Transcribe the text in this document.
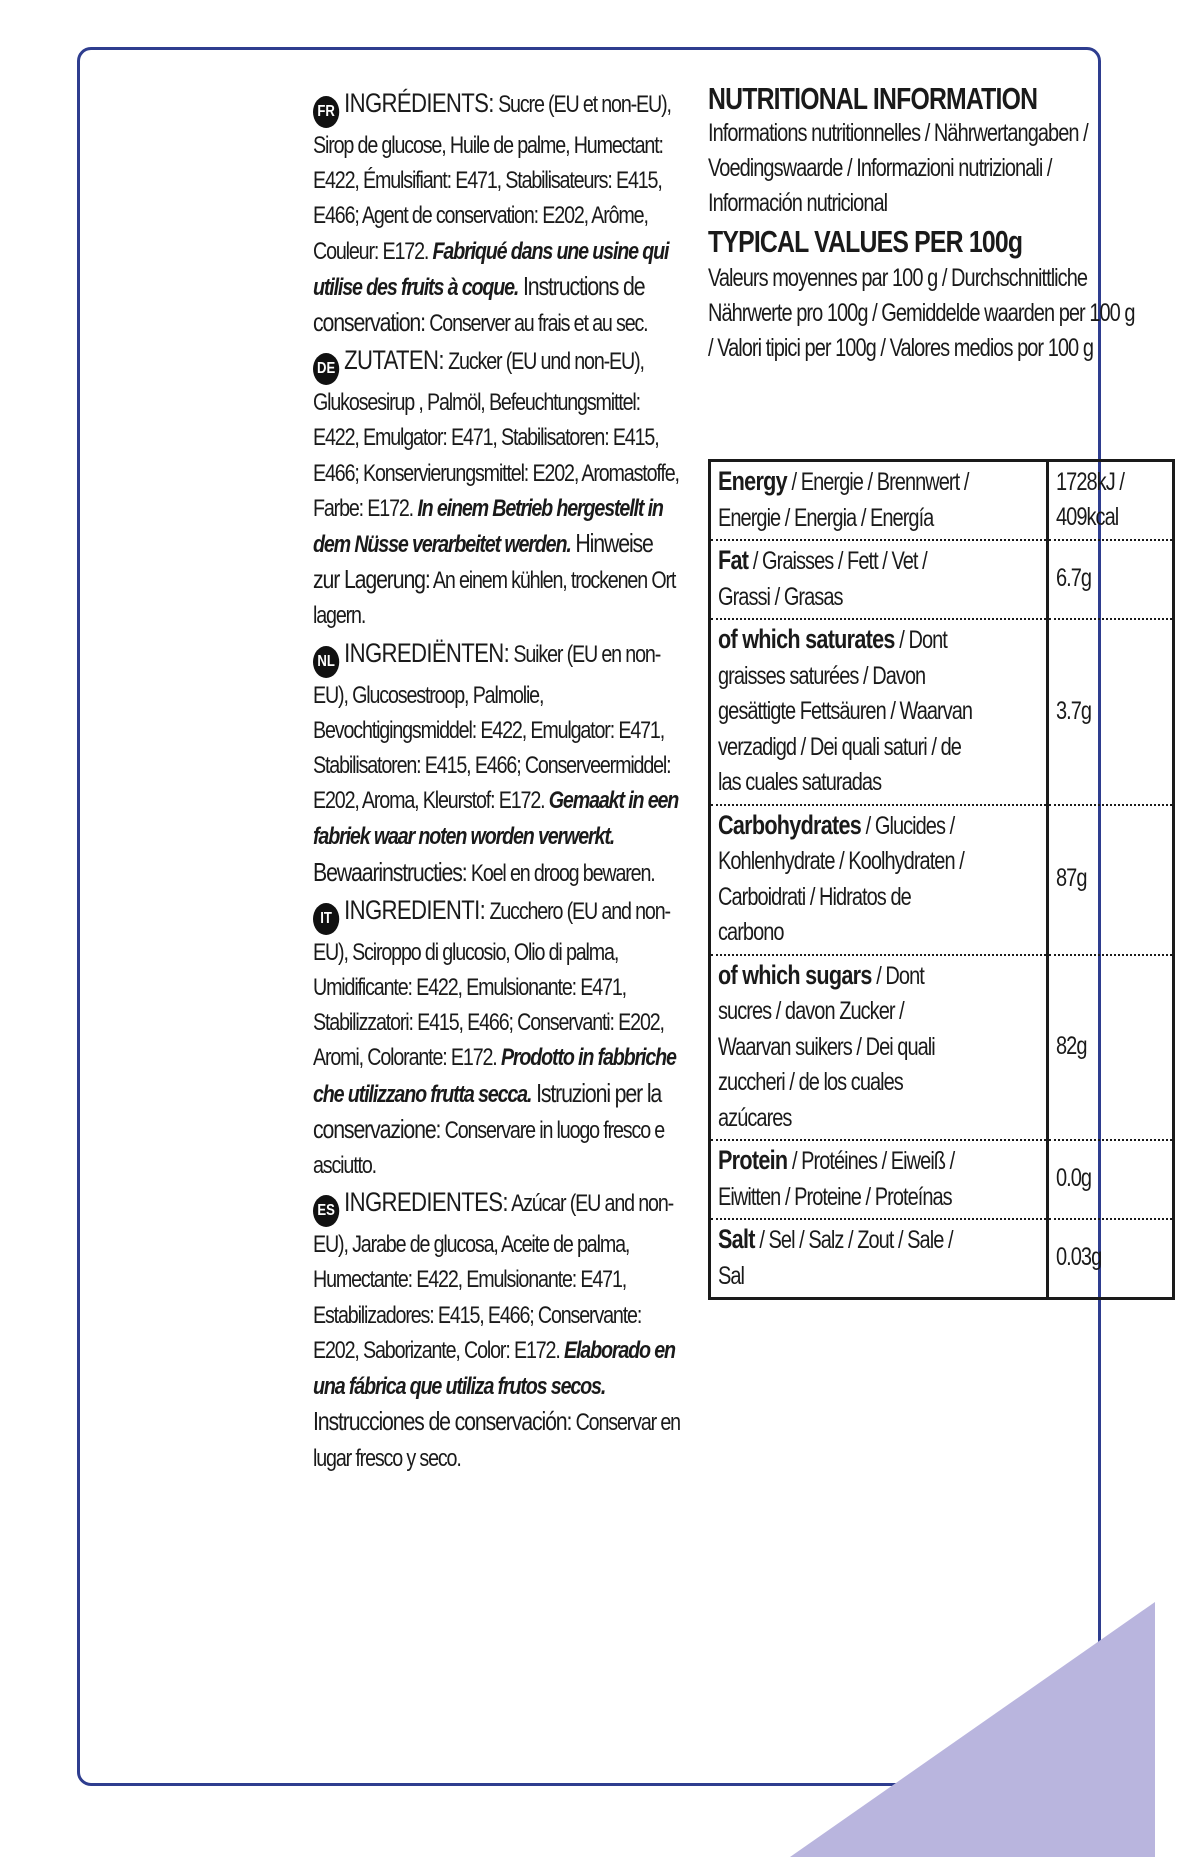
FR INGRÉDIENTS: Sucre (EU et non-EU), Sirop de glucose, Huile de palme, Humectant: E422, Émulsifiant: E471, Stabilisateurs: E415, E466; Agent de conservation: E202, Arôme, Couleur: E172. Fabriqué dans une usine qui utilise des fruits à coque. Instructions de conservation: Conserver au frais et au sec.
DE ZUTATEN: Zucker (EU und non-EU), Glukosesirup , Palmöl, Befeuchtungsmittel: E422, Emulgator: E471, Stabilisatoren: E415, E466; Konservierungsmittel: E202, Aromastoffe, Farbe: E172. In einem Betrieb hergestellt in dem Nüsse verarbeitet werden. Hinweise zur Lagerung: An einem kühlen, trockenen Ort lagern.
NL INGREDIËNTEN: Suiker (EU en non-EU), Glucosestroop, Palmolie, Bevochtigingsmiddel: E422, Emulgator: E471, Stabilisatoren: E415, E466; Conserveermiddel: E202, Aroma, Kleurstof: E172. Gemaakt in een fabriek waar noten worden verwerkt. Bewaarinstructies: Koel en droog bewaren.
IT INGREDIENTI: Zucchero (EU and non-EU), Sciroppo di glucosio, Olio di palma, Umidificante: E422, Emulsionante: E471, Stabilizzatori: E415, E466; Conservanti: E202, Aromi, Colorante: E172. Prodotto in fabbriche che utilizzano frutta secca. Istruzioni per la conservazione: Conservare in luogo fresco e asciutto.
ES INGREDIENTES: Azúcar (EU and non-EU), Jarabe de glucosa, Aceite de palma, Humectante: E422, Emulsionante: E471, Estabilizadores: E415, E466; Conservante: E202, Saborizante, Color: E172. Elaborado en una fábrica que utiliza frutos secos. Instrucciones de conservación: Conservar en lugar fresco y seco.
NUTRITIONAL INFORMATION
Informations nutritionnelles / Nährwertangaben / Voedingswaarde / Informazioni nutrizionali / Información nutricional
TYPICAL VALUES PER 100g
Valeurs moyennes par 100 g / Durchschnittliche Nährwerte pro 100g / Gemiddelde waarden per 100 g / Valori tipici per 100g / Valores medios por 100 g
Energy / Energie / Brennwert / Energie / Energia / Energía	1728kJ / 409kcal

Fat / Graisses / Fett / Vet / Grassi / Grasas	6.7g

of which saturates / Dont graisses saturées / Davon gesättigte Fettsäuren / Waarvan verzadigd / Dei quali saturi / de las cuales saturadas	3.7g

Carbohydrates / Glucides / Kohlenhydrate / Koolhydraten / Carboidrati / Hidratos de carbono	87g

of which sugars / Dont sucres / davon Zucker / Waarvan suikers / Dei quali zuccheri / de los cuales azúcares	82g

Protein / Protéines / Eiweiß / Eiwitten / Proteine / Proteínas	0.0g

Salt / Sel / Salz / Zout / Sale / Sal	0.03g
